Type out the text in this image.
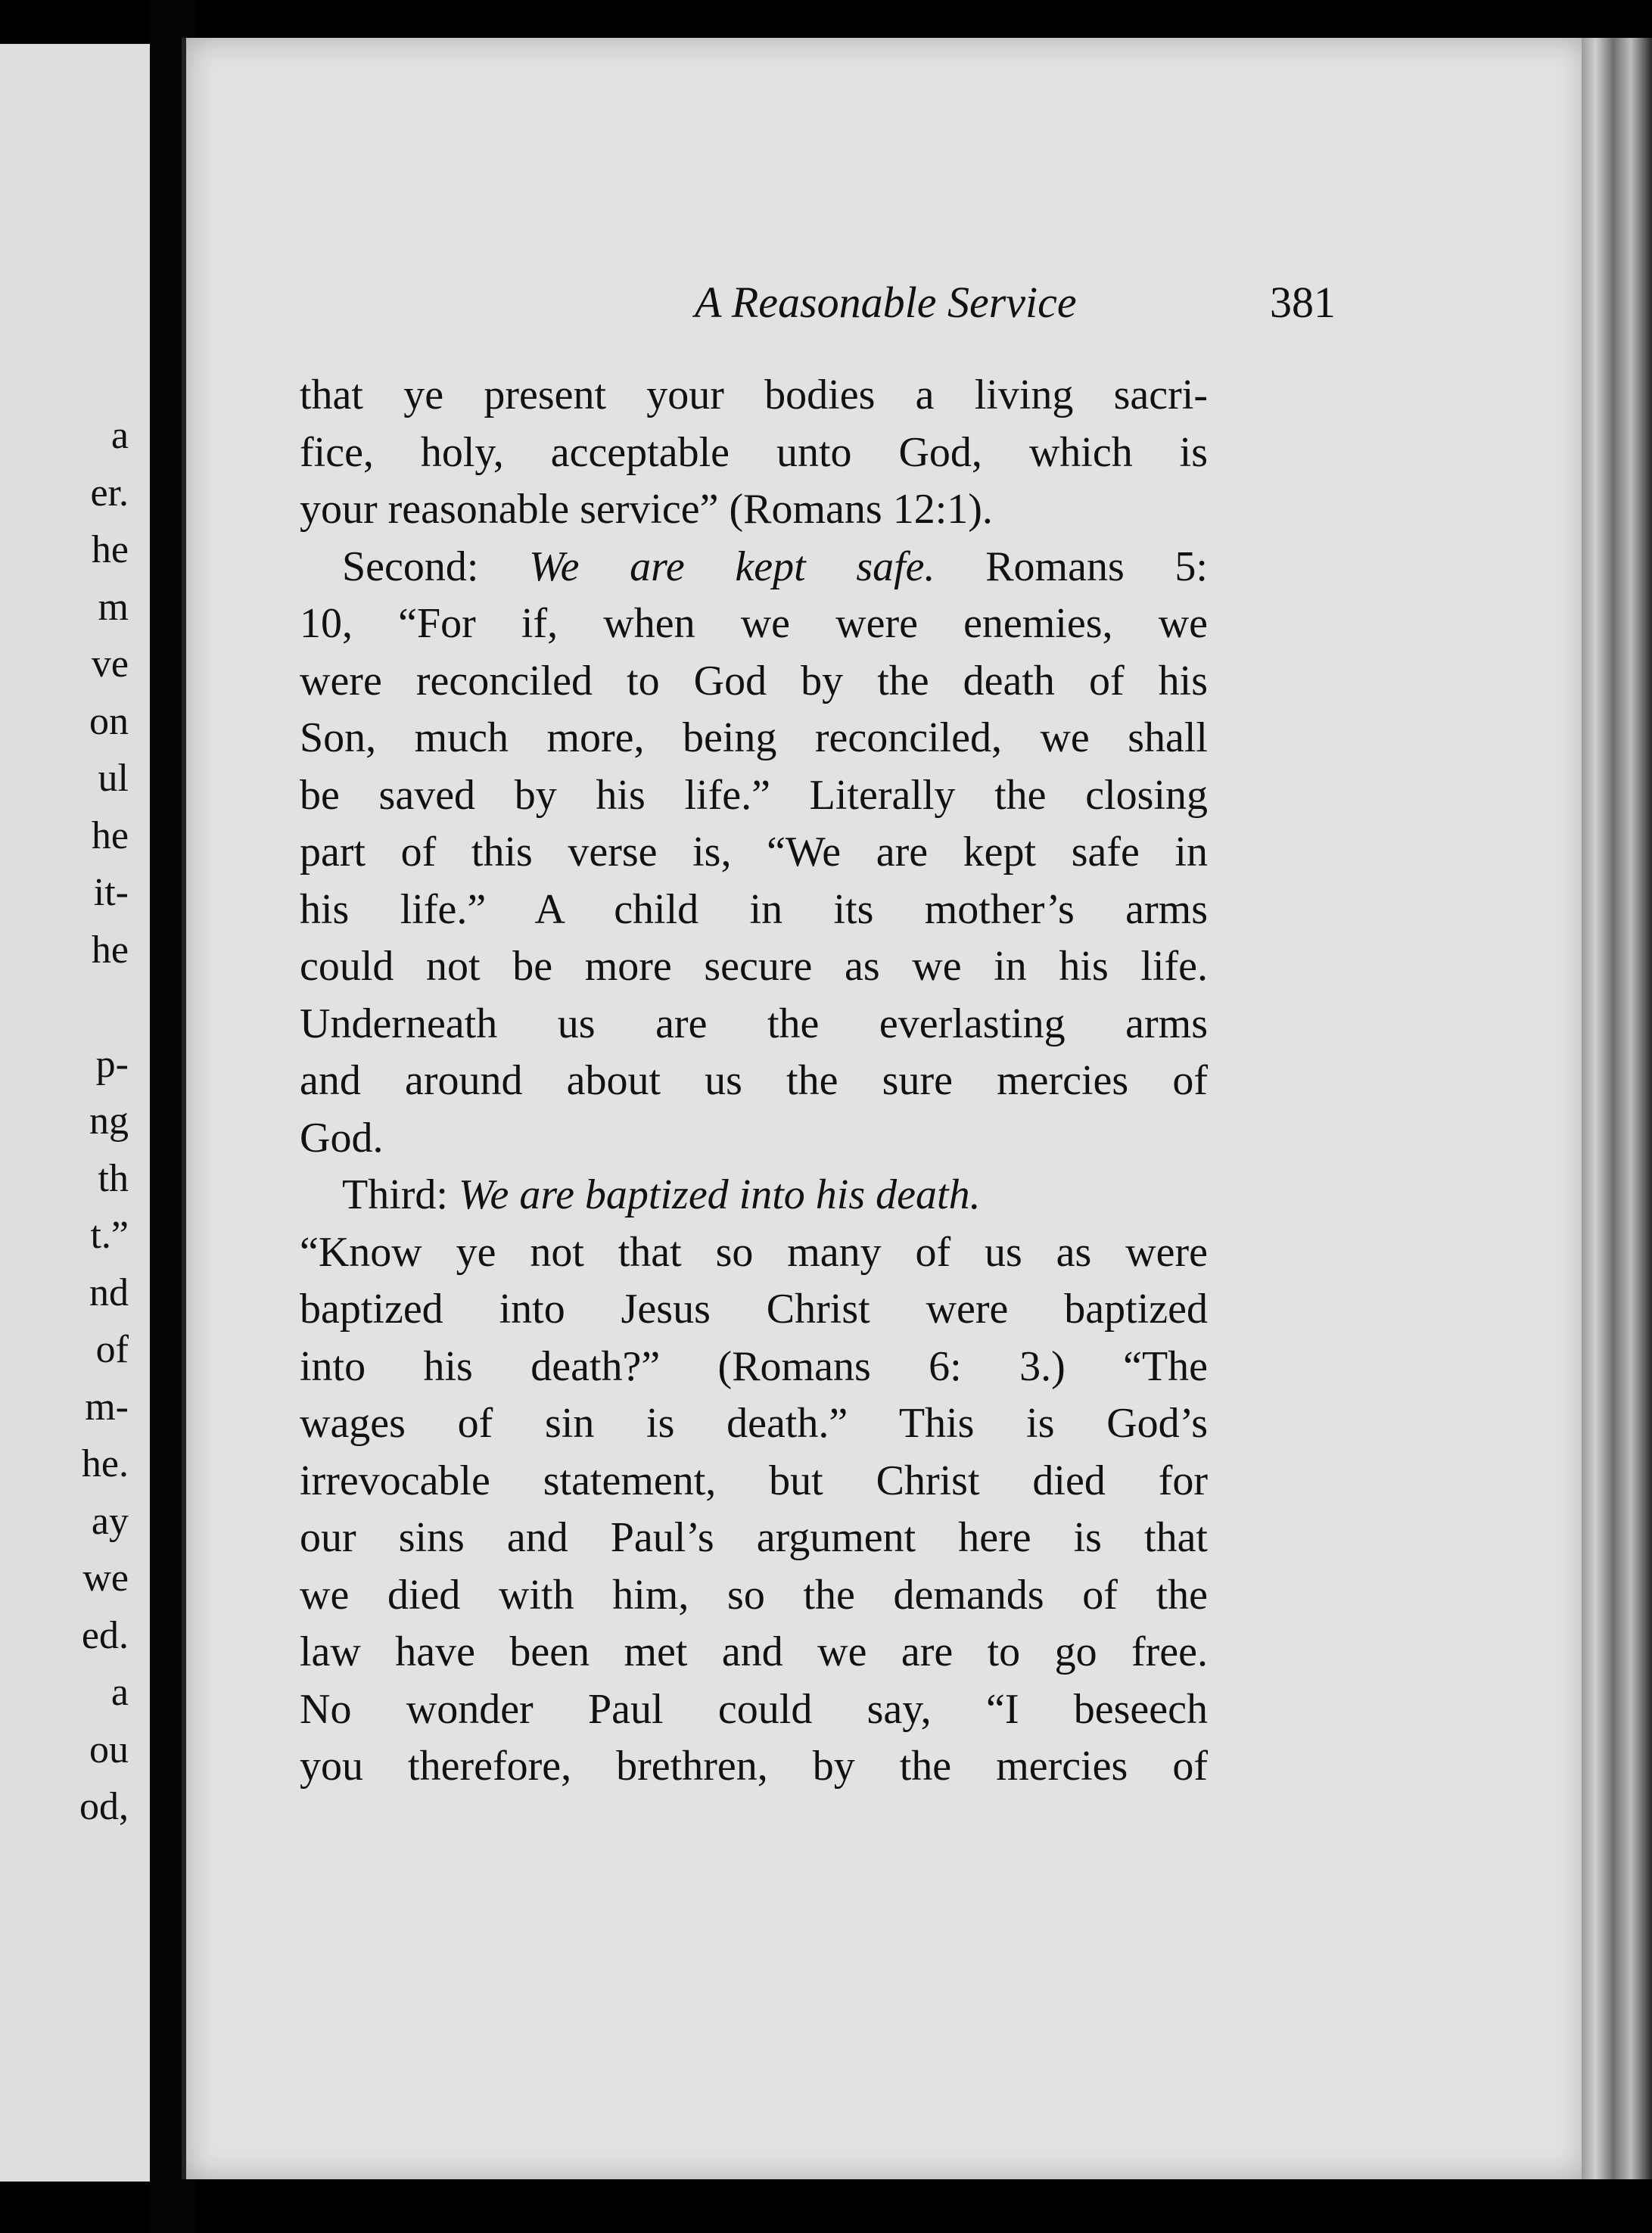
a
er.
he
m
ve
on
ul
he
it-
he
p-
ng
th
t.”
nd
of
m-
he.
ay
we
ed.
a
ou
od,
A Reasonable Service	381
that ye present your bodies a living sacri-
fice, holy, acceptable unto God, which is
your reasonable service” (Romans 12:1).
Second: We are kept safe. Romans 5:
10, “For if, when we were enemies, we
were reconciled to God by the death of his
Son, much more, being reconciled, we shall
be saved by his life.” Literally the closing
part of this verse is, “We are kept safe in
his life.” A child in its mother’s arms
could not be more secure as we in his life.
Underneath us are the everlasting arms
and around about us the sure mercies of
God.
Third: We are baptized into his death.
“Know ye not that so many of us as were
baptized into Jesus Christ were baptized
into his death?” (Romans 6: 3.) “The
wages of sin is death.” This is God’s
irrevocable statement, but Christ died for
our sins and Paul’s argument here is that
we died with him, so the demands of the
law have been met and we are to go free.
No wonder Paul could say, “I beseech
you therefore, brethren, by the mercies of
